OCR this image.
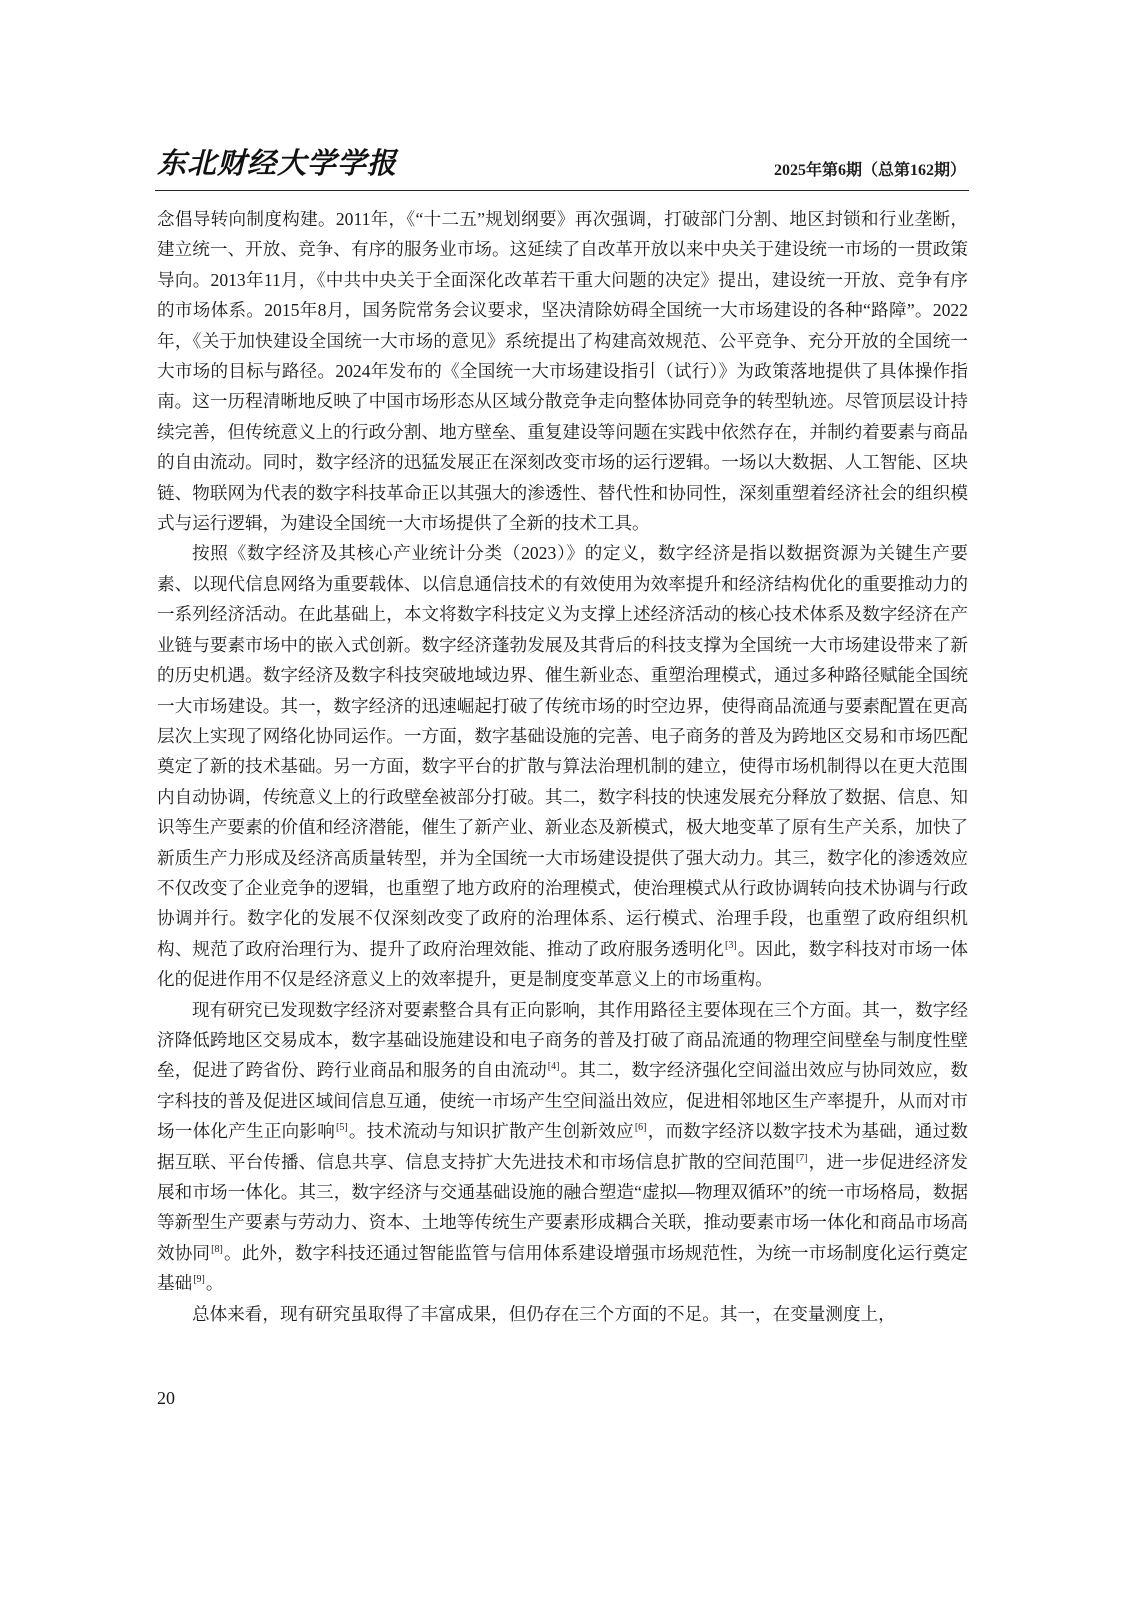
东北财经大学学报	2025年第6期（总第162期）

念倡导转向制度构建。2011年，《“十二五”规划纲要》再次强调，打破部门分割、地区封锁和行业垄断，建立统一、开放、竞争、有序的服务业市场。这延续了自改革开放以来中央关于建设统一市场的一贯政策导向。2013年11月，《中共中央关于全面深化改革若干重大问题的决定》提出，建设统一开放、竞争有序的市场体系。2015年8月，国务院常务会议要求，坚决清除妨碍全国统一大市场建设的各种“路障”。2022年，《关于加快建设全国统一大市场的意见》系统提出了构建高效规范、公平竞争、充分开放的全国统一大市场的目标与路径。2024年发布的《全国统一大市场建设指引（试行）》为政策落地提供了具体操作指南。这一历程清晰地反映了中国市场形态从区域分散竞争走向整体协同竞争的转型轨迹。尽管顶层设计持续完善，但传统意义上的行政分割、地方壁垒、重复建设等问题在实践中依然存在，并制约着要素与商品的自由流动。同时，数字经济的迅猛发展正在深刻改变市场的运行逻辑。一场以大数据、人工智能、区块链、物联网为代表的数字科技革命正以其强大的渗透性、替代性和协同性，深刻重塑着经济社会的组织模式与运行逻辑，为建设全国统一大市场提供了全新的技术工具。

按照《数字经济及其核心产业统计分类（2023）》的定义，数字经济是指以数据资源为关键生产要素、以现代信息网络为重要载体、以信息通信技术的有效使用为效率提升和经济结构优化的重要推动力的一系列经济活动。在此基础上，本文将数字科技定义为支撑上述经济活动的核心技术体系及数字经济在产业链与要素市场中的嵌入式创新。数字经济蓬勃发展及其背后的科技支撑为全国统一大市场建设带来了新的历史机遇。数字经济及数字科技突破地域边界、催生新业态、重塑治理模式，通过多种路径赋能全国统一大市场建设。其一，数字经济的迅速崛起打破了传统市场的时空边界，使得商品流通与要素配置在更高层次上实现了网络化协同运作。一方面，数字基础设施的完善、电子商务的普及为跨地区交易和市场匹配奠定了新的技术基础。另一方面，数字平台的扩散与算法治理机制的建立，使得市场机制得以在更大范围内自动协调，传统意义上的行政壁垒被部分打破。其二，数字科技的快速发展充分释放了数据、信息、知识等生产要素的价值和经济潜能，催生了新产业、新业态及新模式，极大地变革了原有生产关系，加快了新质生产力形成及经济高质量转型，并为全国统一大市场建设提供了强大动力。其三，数字化的渗透效应不仅改变了企业竞争的逻辑，也重塑了地方政府的治理模式，使治理模式从行政协调转向技术协调与行政协调并行。数字化的发展不仅深刻改变了政府的治理体系、运行模式、治理手段，也重塑了政府组织机构、规范了政府治理行为、提升了政府治理效能、推动了政府服务透明化[3]。因此，数字科技对市场一体化的促进作用不仅是经济意义上的效率提升，更是制度变革意义上的市场重构。

现有研究已发现数字经济对要素整合具有正向影响，其作用路径主要体现在三个方面。其一，数字经济降低跨地区交易成本，数字基础设施建设和电子商务的普及打破了商品流通的物理空间壁垒与制度性壁垒，促进了跨省份、跨行业商品和服务的自由流动[4]。其二，数字经济强化空间溢出效应与协同效应，数字科技的普及促进区域间信息互通，使统一市场产生空间溢出效应，促进相邻地区生产率提升，从而对市场一体化产生正向影响[5]。技术流动与知识扩散产生创新效应[6]，而数字经济以数字技术为基础，通过数据互联、平台传播、信息共享、信息支持扩大先进技术和市场信息扩散的空间范围[7]，进一步促进经济发展和市场一体化。其三，数字经济与交通基础设施的融合塑造“虚拟—物理双循环”的统一市场格局，数据等新型生产要素与劳动力、资本、土地等传统生产要素形成耦合关联，推动要素市场一体化和商品市场高效协同[8]。此外，数字科技还通过智能监管与信用体系建设增强市场规范性，为统一市场制度化运行奠定基础[9]。

总体来看，现有研究虽取得了丰富成果，但仍存在三个方面的不足。其一，在变量测度上，

20
